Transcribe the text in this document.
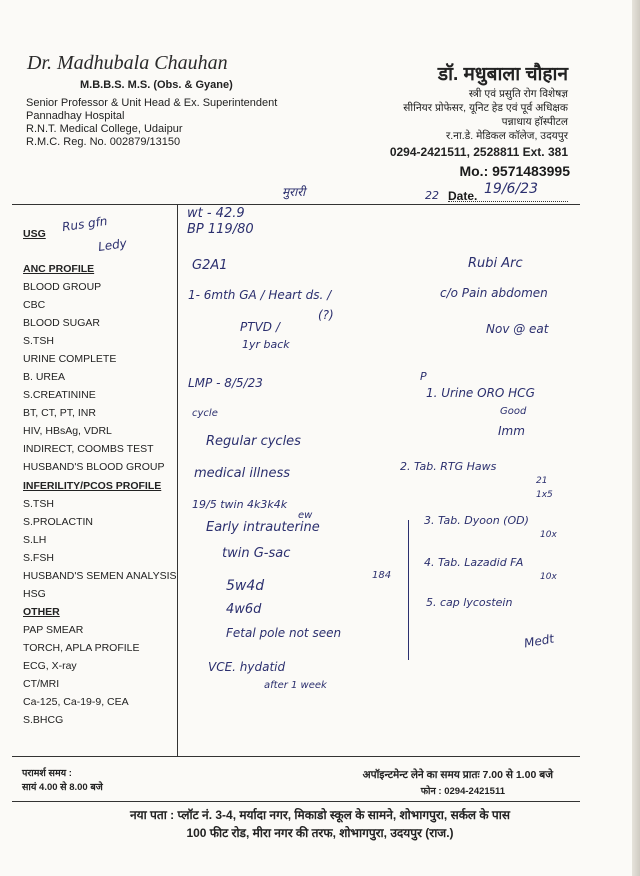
Dr. Madhubala Chauhan
M.B.B.S. M.S. (Obs. & Gyane)
Senior Professor & Unit Head & Ex. Superintendent
Pannadhay Hospital
R.N.T. Medical College, Udaipur
R.M.C. Reg. No. 002879/13150
डॉ. मधुबाला चौहान
स्त्री एवं प्रसुति रोग विशेषज्ञ
सीनियर प्रोफेसर, यूनिट हेड एवं पूर्व अधिक्षक
पन्नाधाय हॉस्पीटल
र.ना.डे. मेडिकल कॉलेज, उदयपुर
0294-2421511, 2528811 Ext. 381
Mo.: 9571483995
मुरारी	22 Date. 19/6/23
USG
ANC PROFILE
BLOOD GROUP
CBC
BLOOD SUGAR
S.TSH
URINE COMPLETE
B. UREA
S.CREATININE
BT, CT, PT, INR
HIV, HBsAg, VDRL
INDIRECT, COOMBS TEST
HUSBAND'S BLOOD GROUP
INFERILITY/PCOS PROFILE
S.TSH
S.PROLACTIN
S.LH
S.FSH
HUSBAND'S SEMEN ANALYSIS
HSG
OTHER
PAP SMEAR
TORCH, APLA PROFILE
ECG, X-ray
CT/MRI
Ca-125, Ca-19-9, CEA
S.BHCG
Rus gfn
Ledy
wt - 42.9
BP 119/80
G2A1
1- 6mth GA / Heart ds. /
(?)
PTVD /
1yr back
LMP - 8/5/23
cycle
Regular cycles
medical illness
19/5 twin 4k3k4k
ew
Early intrauterine
twin G-sac
5w4d
184
4w6d
Fetal pole not seen
VCE. hydatid
after 1 week
Rubi Arc
c/o Pain abdomen
Nov @ eat
P
1. Urine ORO HCG
Good
Imm
2. Tab. RTG Haws
21
1x5
3. Tab. Dyoon (OD)
10x
4. Tab. Lazadid FA
10x
5. cap lycostein
Medt
परामर्श समय :
सायं 4.00 से 8.00 बजे
अपॉइन्टमेन्ट लेने का समय प्रातः 7.00 से 1.00 बजे
फोन : 0294-2421511
नया पता : प्लॉट नं. 3-4, मर्यादा नगर, मिकाडो स्कूल के सामने, शोभागपुरा, सर्कल के पास
100 फीट रोड, मीरा नगर की तरफ, शोभागपुरा, उदयपुर (राज.)
